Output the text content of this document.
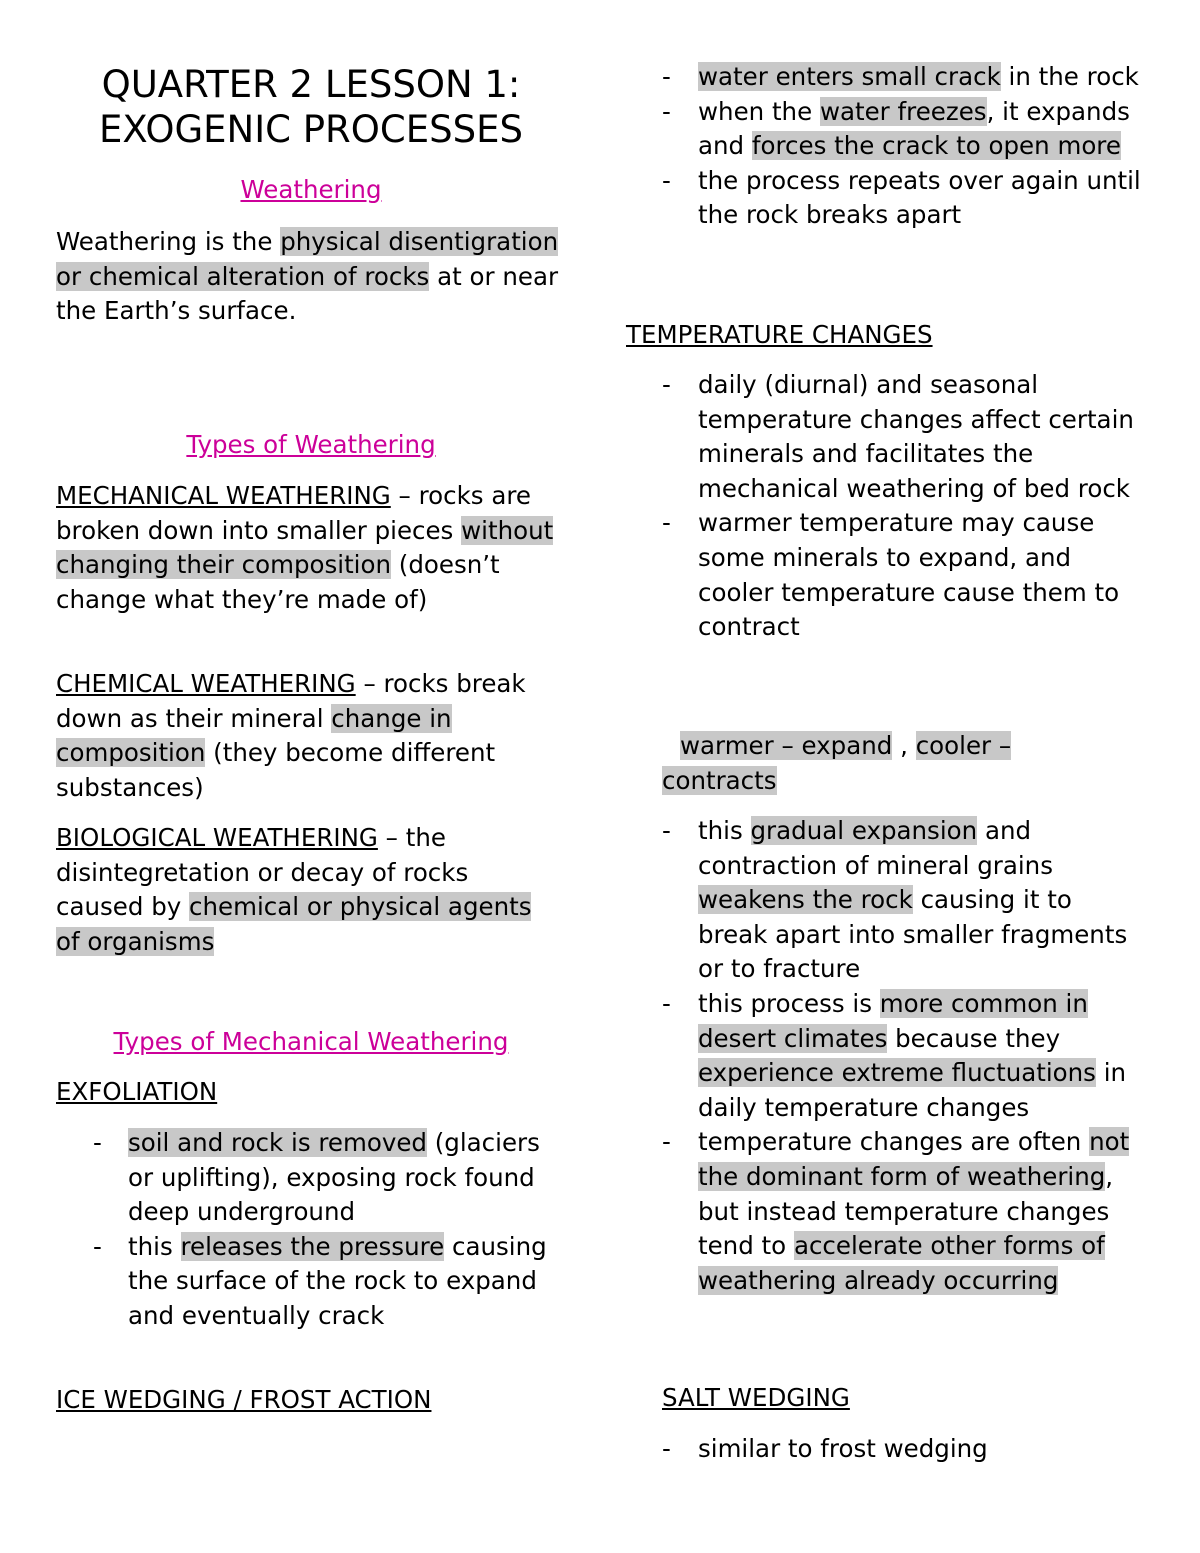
QUARTER 2 LESSON 1:
EXOGENIC PROCESSES
Weathering

Weathering is the physical disentigration or chemical alteration of rocks at or near the Earth’s surface.

Types of Weathering

MECHANICAL WEATHERING – rocks are broken down into smaller pieces without changing their composition (doesn’t change what they’re made of)

CHEMICAL WEATHERING – rocks break down as their mineral change in composition (they become different substances)

BIOLOGICAL WEATHERING – the disintegretation or decay of rocks caused by chemical or physical agents of organisms

Types of Mechanical Weathering
EXFOLIATION
- soil and rock is removed (glaciers or uplifting), exposing rock found deep underground
- this releases the pressure causing the surface of the rock to expand and eventually crack
ICE WEDGING / FROST ACTION
- water enters small crack in the rock
- when the water freezes, it expands and forces the crack to open more
- the process repeats over again until the rock breaks apart
TEMPERATURE CHANGES
- daily (diurnal) and seasonal temperature changes affect certain minerals and facilitates the mechanical weathering of bed rock
- warmer temperature may cause some minerals to expand, and cooler temperature cause them to contract

warmer – expand , cooler – contracts

- this gradual expansion and contraction of mineral grains weakens the rock causing it to break apart into smaller fragments or to fracture
- this process is more common in desert climates because they experience extreme fluctuations in daily temperature changes
- temperature changes are often not the dominant form of weathering, but instead temperature changes tend to accelerate other forms of weathering already occurring
SALT WEDGING
- similar to frost wedging
